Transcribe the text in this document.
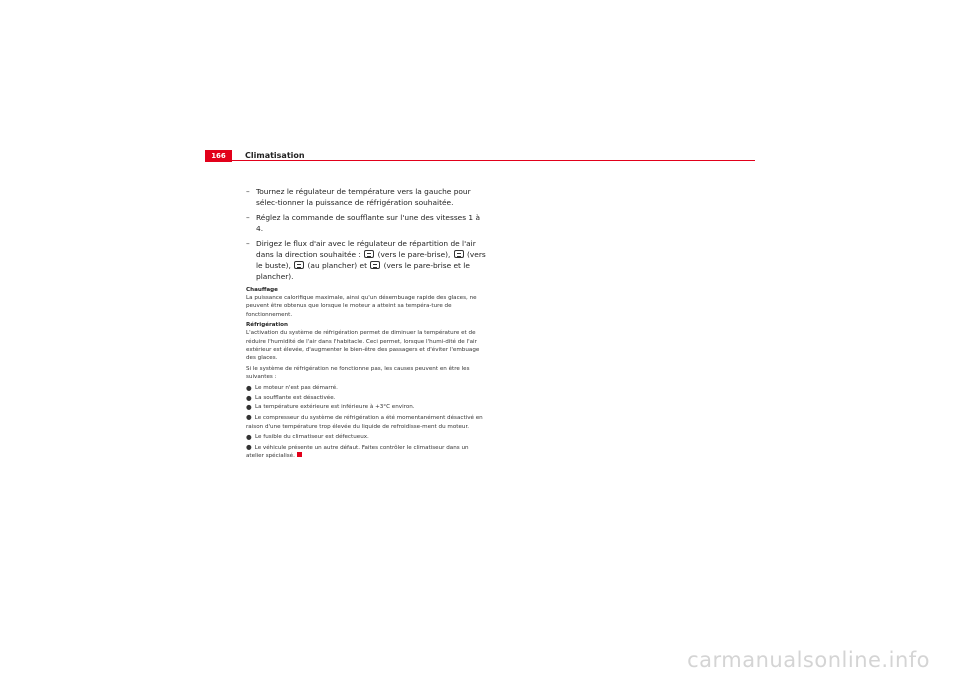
166	Climatisation
– Tournez le régulateur de température vers la gauche pour sélec-tionner la puissance de réfrigération souhaitée.
– Réglez la commande de soufflante sur l'une des vitesses 1 à 4.
– Dirigez le flux d'air avec le régulateur de répartition de l'air dans la direction souhaitée :  (vers le pare-brise),  (vers le buste),  (au plancher) et  (vers le pare-brise et le plancher).
Chauffage
La puissance calorifique maximale, ainsi qu'un désembuage rapide des glaces, ne peuvent être obtenus que lorsque le moteur a atteint sa tempéra-ture de fonctionnement.
Réfrigération
L'activation du système de réfrigération permet de diminuer la température et de réduire l'humidité de l'air dans l'habitacle. Ceci permet, lorsque l'humi-dité de l'air extérieur est élevée, d'augmenter le bien-être des passagers et d'éviter l'embuage des glaces.
Si le système de réfrigération ne fonctionne pas, les causes peuvent en être les suivantes :
● Le moteur n'est pas démarré.
● La soufflante est désactivée.
● La température extérieure est inférieure à +3°C environ.
● Le compresseur du système de réfrigération a été momentanément désactivé en raison d'une température trop élevée du liquide de refroidisse-ment du moteur.
● Le fusible du climatiseur est défectueux.
● Le véhicule présente un autre défaut. Faites contrôler le climatiseur dans un atelier spécialisé.
carmanualsonline.info
